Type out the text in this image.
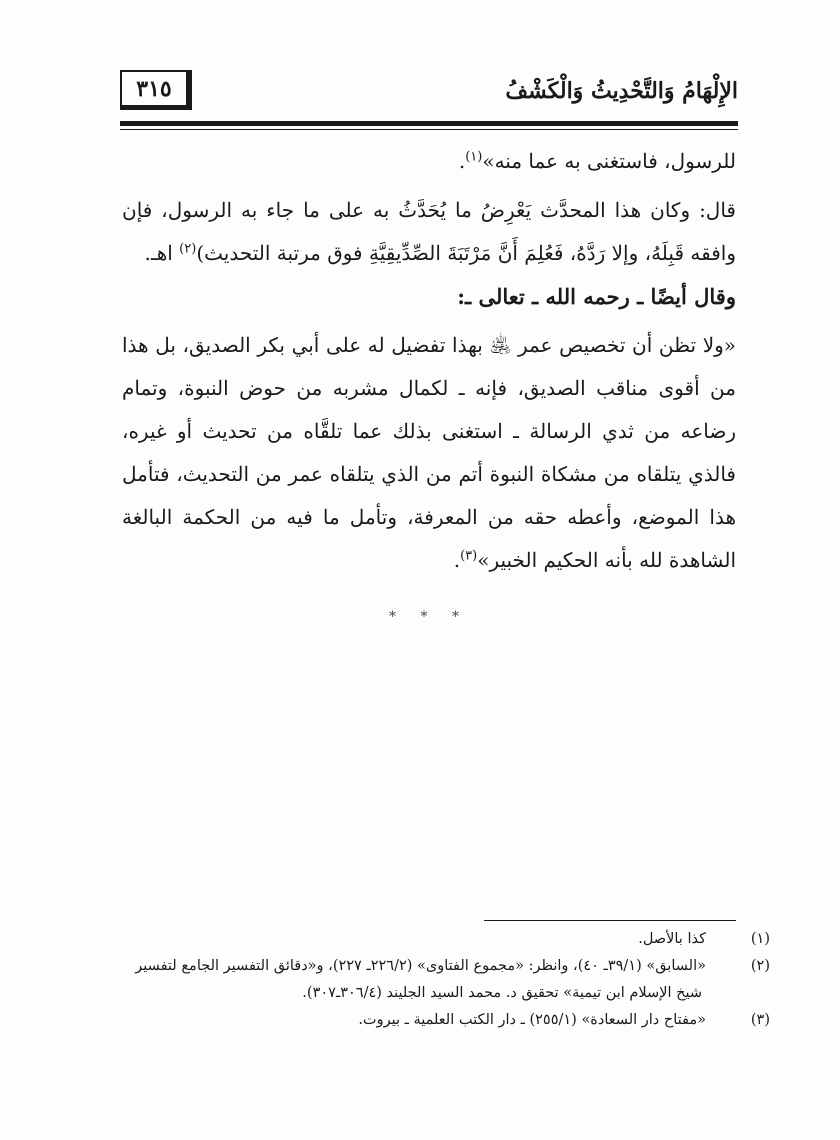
الإِلْهَامُ وَالتَّحْدِيثُ وَالْكَشْفُ
٣١٥

للرسول، فاستغنى به عما منه»$^{(١)}$.

قال: وكان هذا المحدَّث يَعْرِضُ ما يُحَدَّثُ به على ما جاء به الرسول، فإن وافقه قَبِلَهُ، وإلا رَدَّهُ، فَعُلِمَ أَنَّ مَرْتَبَةَ الصِّدِّيقِيَّةِ فوق مرتبة التحديث)$^{(٢)}$ اهـ.

وقال أيضًا ـ رحمه الله ـ تعالى ـ:

«ولا تظن أن تخصيص عمر ﵁ بهذا تفضيل له على أبي بكر الصديق، بل هذا من أقوى مناقب الصديق، فإنه ـ لكمال مشربه من حوض النبوة، وتمام رضاعه من ثدي الرسالة ـ استغنى بذلك عما تلقَّاه من تحديث أو غيره، فالذي يتلقاه من مشكاة النبوة أتم من الذي يتلقاه عمر من التحديث، فتأمل هذا الموضع، وأعطه حقه من المعرفة، وتأمل ما فيه من الحكمة البالغة الشاهدة لله بأنه الحكيم الخبير»$^{(٣)}$.

* * *

(١)كذا بالأصل.

(٢)«السابق» (٣٩/١ـ ٤٠)، وانظر: «مجموع الفتاوى» (٢٢٦/٢ـ ٢٢٧)، و«دقائق التفسير الجامع لتفسير شيخ الإسلام ابن تيمية» تحقيق د. محمد السيد الجليند (٣٠٦/٤ـ٣٠٧).

(٣)«مفتاح دار السعادة» (٢٥٥/١) ـ دار الكتب العلمية ـ بيروت.
